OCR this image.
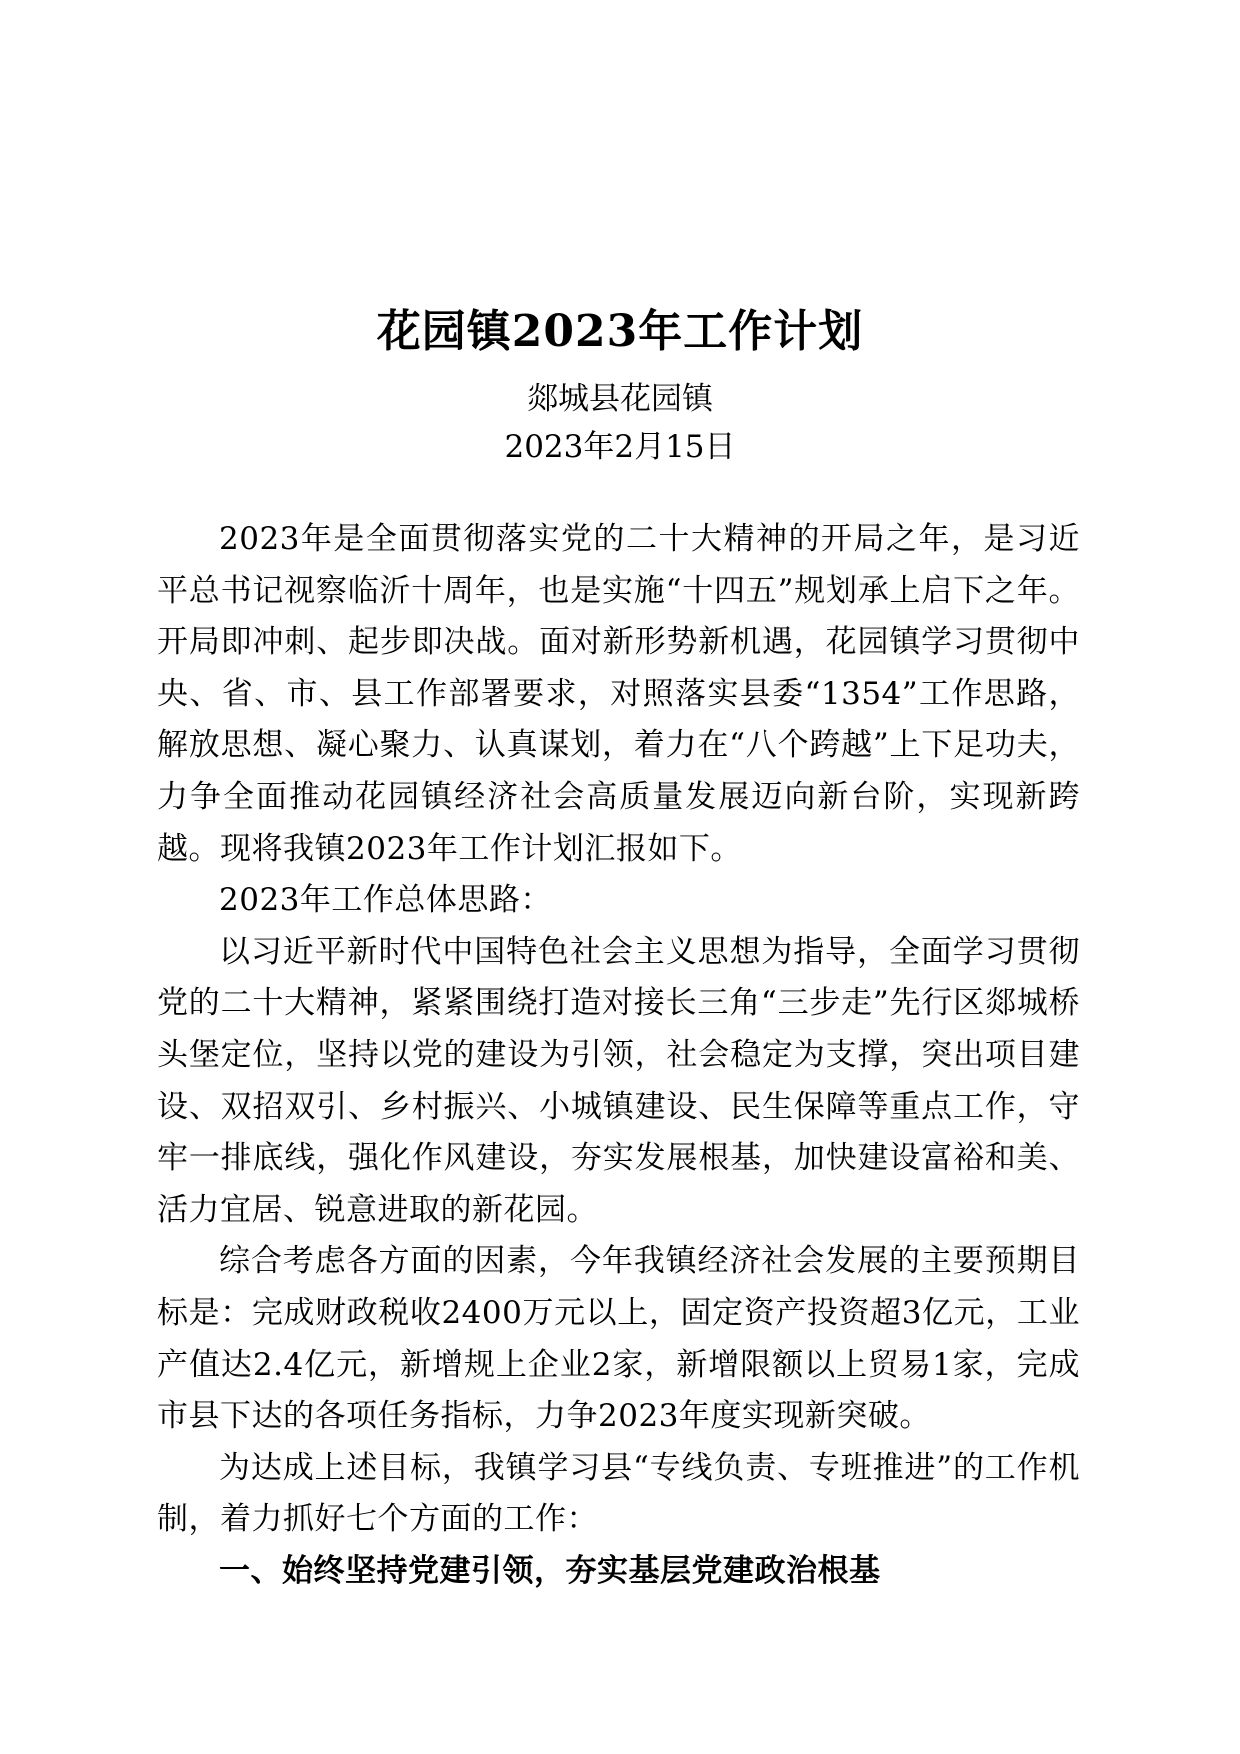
花园镇2023年工作计划
郯城县花园镇
2023年2月15日

2023年是全面贯彻落实党的二十大精神的开局之年，是习近平总书记视察临沂十周年，也是实施“十四五”规划承上启下之年。开局即冲刺、起步即决战。面对新形势新机遇，花园镇学习贯彻中央、省、市、县工作部署要求，对照落实县委“1354”工作思路，解放思想、凝心聚力、认真谋划，着力在“八个跨越”上下足功夫，力争全面推动花园镇经济社会高质量发展迈向新台阶，实现新跨越。现将我镇2023年工作计划汇报如下。

2023年工作总体思路：

以习近平新时代中国特色社会主义思想为指导，全面学习贯彻党的二十大精神，紧紧围绕打造对接长三角“三步走”先行区郯城桥头堡定位，坚持以党的建设为引领，社会稳定为支撑，突出项目建设、双招双引、乡村振兴、小城镇建设、民生保障等重点工作，守牢一排底线，强化作风建设，夯实发展根基，加快建设富裕和美、活力宜居、锐意进取的新花园。

综合考虑各方面的因素，今年我镇经济社会发展的主要预期目标是：完成财政税收2400万元以上，固定资产投资超3亿元，工业产值达2.4亿元，新增规上企业2家，新增限额以上贸易1家，完成市县下达的各项任务指标，力争2023年度实现新突破。

为达成上述目标，我镇学习县“专线负责、专班推进”的工作机制，着力抓好七个方面的工作：

一、始终坚持党建引领，夯实基层党建政治根基
